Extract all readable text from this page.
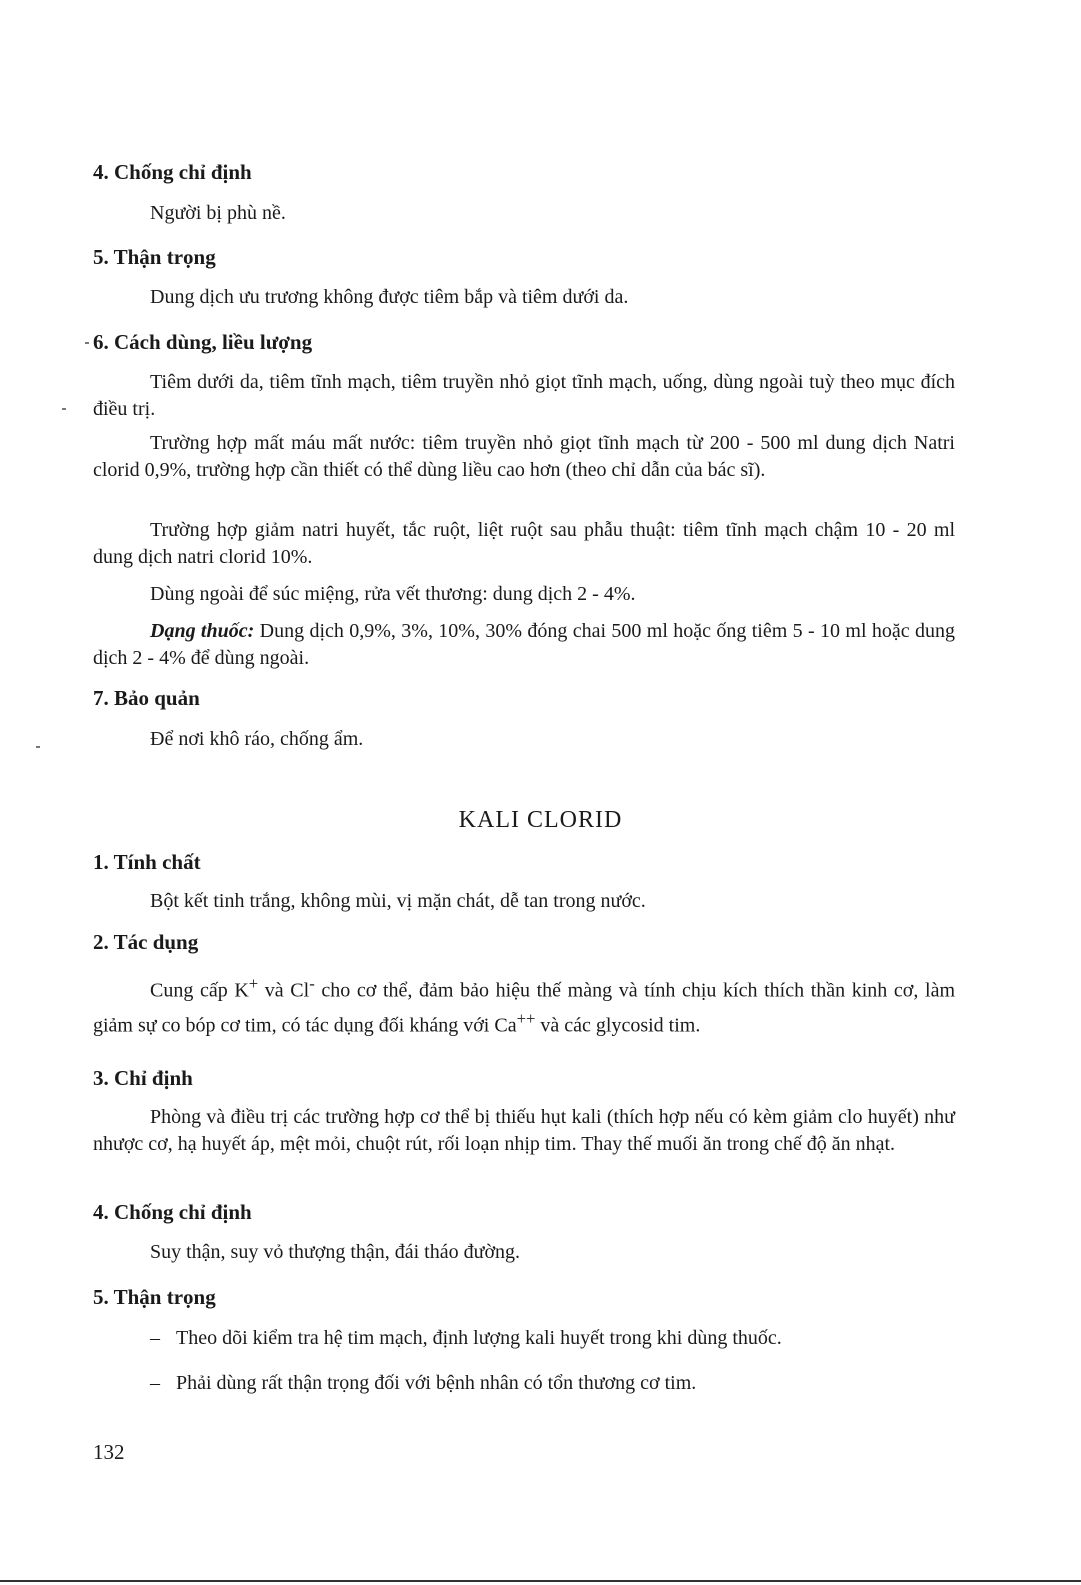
4. Chống chỉ định

Người bị phù nề.

5. Thận trọng

Dung dịch ưu trương không được tiêm bắp và tiêm dưới da.

6. Cách dùng, liều lượng

Tiêm dưới da, tiêm tĩnh mạch, tiêm truyền nhỏ giọt tĩnh mạch, uống, dùng ngoài tuỳ theo mục đích điều trị.

Trường hợp mất máu mất nước: tiêm truyền nhỏ giọt tĩnh mạch từ 200 - 500 ml dung dịch Natri clorid 0,9%, trường hợp cần thiết có thể dùng liều cao hơn (theo chỉ dẫn của bác sĩ).

Trường hợp giảm natri huyết, tắc ruột, liệt ruột sau phẫu thuật: tiêm tĩnh mạch chậm 10 - 20 ml dung dịch natri clorid 10%.

Dùng ngoài để súc miệng, rửa vết thương: dung dịch 2 - 4%.

Dạng thuốc: Dung dịch 0,9%, 3%, 10%, 30% đóng chai 500 ml hoặc ống tiêm 5 - 10 ml hoặc dung dịch 2 - 4% để dùng ngoài.

7. Bảo quản

Để nơi khô ráo, chống ẩm.

KALI CLORID
1. Tính chất

Bột kết tinh trắng, không mùi, vị mặn chát, dễ tan trong nước.

2. Tác dụng

Cung cấp K+ và Cl- cho cơ thể, đảm bảo hiệu thế màng và tính chịu kích thích thần kinh cơ, làm giảm sự co bóp cơ tim, có tác dụng đối kháng với Ca++ và các glycosid tim.

3. Chỉ định

Phòng và điều trị các trường hợp cơ thể bị thiếu hụt kali (thích hợp nếu có kèm giảm clo huyết) như nhược cơ, hạ huyết áp, mệt mỏi, chuột rút, rối loạn nhịp tim. Thay thế muối ăn trong chế độ ăn nhạt.

4. Chống chỉ định

Suy thận, suy vỏ thượng thận, đái tháo đường.

5. Thận trọng
– Theo dõi kiểm tra hệ tim mạch, định lượng kali huyết trong khi dùng thuốc.
– Phải dùng rất thận trọng đối với bệnh nhân có tổn thương cơ tim.
132
